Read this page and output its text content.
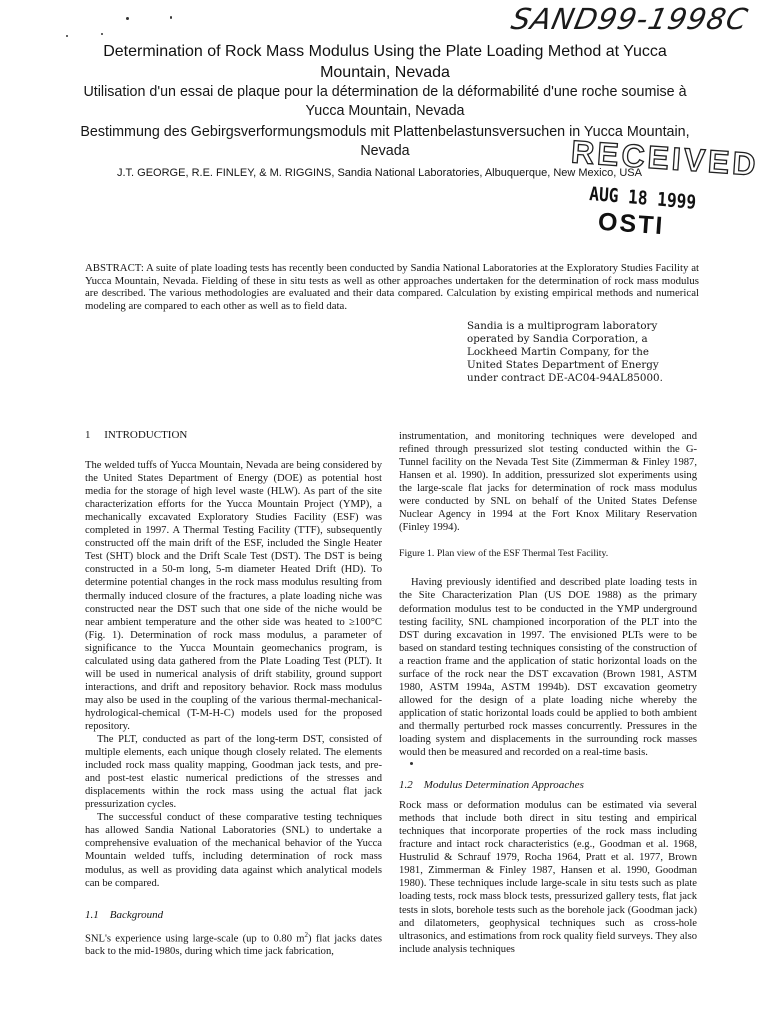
SAND99-1998C
Determination of Rock Mass Modulus Using the Plate Loading Method at Yucca Mountain, Nevada
Utilisation d'un essai de plaque pour la détermination de la déformabilité d'une roche soumise à Yucca Mountain, Nevada
Bestimmung des Gebirgsverformungsmoduls mit Plattenbelastunsversuchen in Yucca Mountain, Nevada
J.T. GEORGE, R.E. FINLEY, & M. RIGGINS, Sandia National Laboratories, Albuquerque, New Mexico, USA
RECEIVED
AUG 18 1999
OSTI
ABSTRACT: A suite of plate loading tests has recently been conducted by Sandia National Laboratories at the Exploratory Studies Facility at Yucca Mountain, Nevada. Fielding of these in situ tests as well as other approaches undertaken for the determination of rock mass modulus are described. The various methodologies are evaluated and their data compared. Calculation by existing empirical methods and numerical modeling are compared to each other as well as to field data.
Sandia is a multiprogram laboratory
operated by Sandia Corporation, a
Lockheed Martin Company, for the
United States Department of Energy
under contract DE-AC04-94AL85000.
1     INTRODUCTION

The welded tuffs of Yucca Mountain, Nevada are being considered by the United States Department of Energy (DOE) as potential host media for the storage of high level waste (HLW). As part of the site characterization efforts for the Yucca Mountain Project (YMP), a mechanically excavated Exploratory Studies Facility (ESF) was completed in 1997. A Thermal Testing Facility (TTF), subsequently constructed off the main drift of the ESF, included the Single Heater Test (SHT) block and the Drift Scale Test (DST). The DST is being constructed in a 50-m long, 5-m diameter Heated Drift (HD). To determine potential changes in the rock mass modulus resulting from thermally induced closure of the fractures, a plate loading niche was constructed near the DST such that one side of the niche would be near ambient temperature and the other side was heated to ≥100°C (Fig. 1). Determination of rock mass modulus, a parameter of significance to the Yucca Mountain geomechanics program, is calculated using data gathered from the Plate Loading Test (PLT). It will be used in numerical analysis of drift stability, ground support interactions, and drift and repository behavior. Rock mass modulus may also be used in the coupling of the various thermal-mechanical-hydrological-chemical (T-M-H-C) models used for the proposed repository.

The PLT, conducted as part of the long-term DST, consisted of multiple elements, each unique though closely related. The elements included rock mass quality mapping, Goodman jack tests, and pre- and post-test elastic numerical predictions of the stresses and displacements within the rock mass using the actual flat jack pressurization cycles.

The successful conduct of these comparative testing techniques has allowed Sandia National Laboratories (SNL) to undertake a comprehensive evaluation of the mechanical behavior of the Yucca Mountain welded tuffs, including determination of rock mass modulus, as well as providing data against which analytical models can be compared.

1.1    Background

SNL's experience using large-scale (up to 0.80 $m^2$) flat jacks dates back to the mid-1980s, during which time jack fabrication,

instrumentation, and monitoring techniques were developed and refined through pressurized slot testing conducted within the G-Tunnel facility on the Nevada Test Site (Zimmerman & Finley 1987, Hansen et al. 1990). In addition, pressurized slot experiments using the large-scale flat jacks for determination of rock mass modulus were conducted by SNL on behalf of the United States Defense Nuclear Agency in 1994 at the Fort Knox Military Reservation (Finley 1994).

Figure 1. Plan view of the ESF Thermal Test Facility.

Having previously identified and described plate loading tests in the Site Characterization Plan (US DOE 1988) as the primary deformation modulus test to be conducted in the YMP underground testing facility, SNL championed incorporation of the PLT into the DST during excavation in 1997. The envisioned PLTs were to be based on standard testing techniques consisting of the construction of a reaction frame and the application of static horizontal loads on the surface of the rock near the DST excavation (Brown 1981, ASTM 1980, ASTM 1994a, ASTM 1994b). DST excavation geometry allowed for the design of a plate loading niche whereby the application of static horizontal loads could be applied to both ambient and thermally perturbed rock masses concurrently. Pressures in the loading system and displacements in the surrounding rock masses would then be measured and recorded on a real-time basis.

1.2    Modulus Determination Approaches

Rock mass or deformation modulus can be estimated via several methods that include both direct in situ testing and empirical techniques that incorporate properties of the rock mass including fracture and intact rock characteristics (e.g., Goodman et al. 1968, Hustrulid & Schrauf 1979, Rocha 1964, Pratt et al. 1977, Brown 1981, Zimmerman & Finley 1987, Hansen et al. 1990, Goodman 1980). These techniques include large-scale in situ tests such as plate loading tests, rock mass block tests, pressurized gallery tests, flat jack tests in slots, borehole tests such as the borehole jack (Goodman jack) and dilatometers, geophysical techniques such as cross-hole ultrasonics, and estimations from rock quality field surveys. They also include analysis techniques
